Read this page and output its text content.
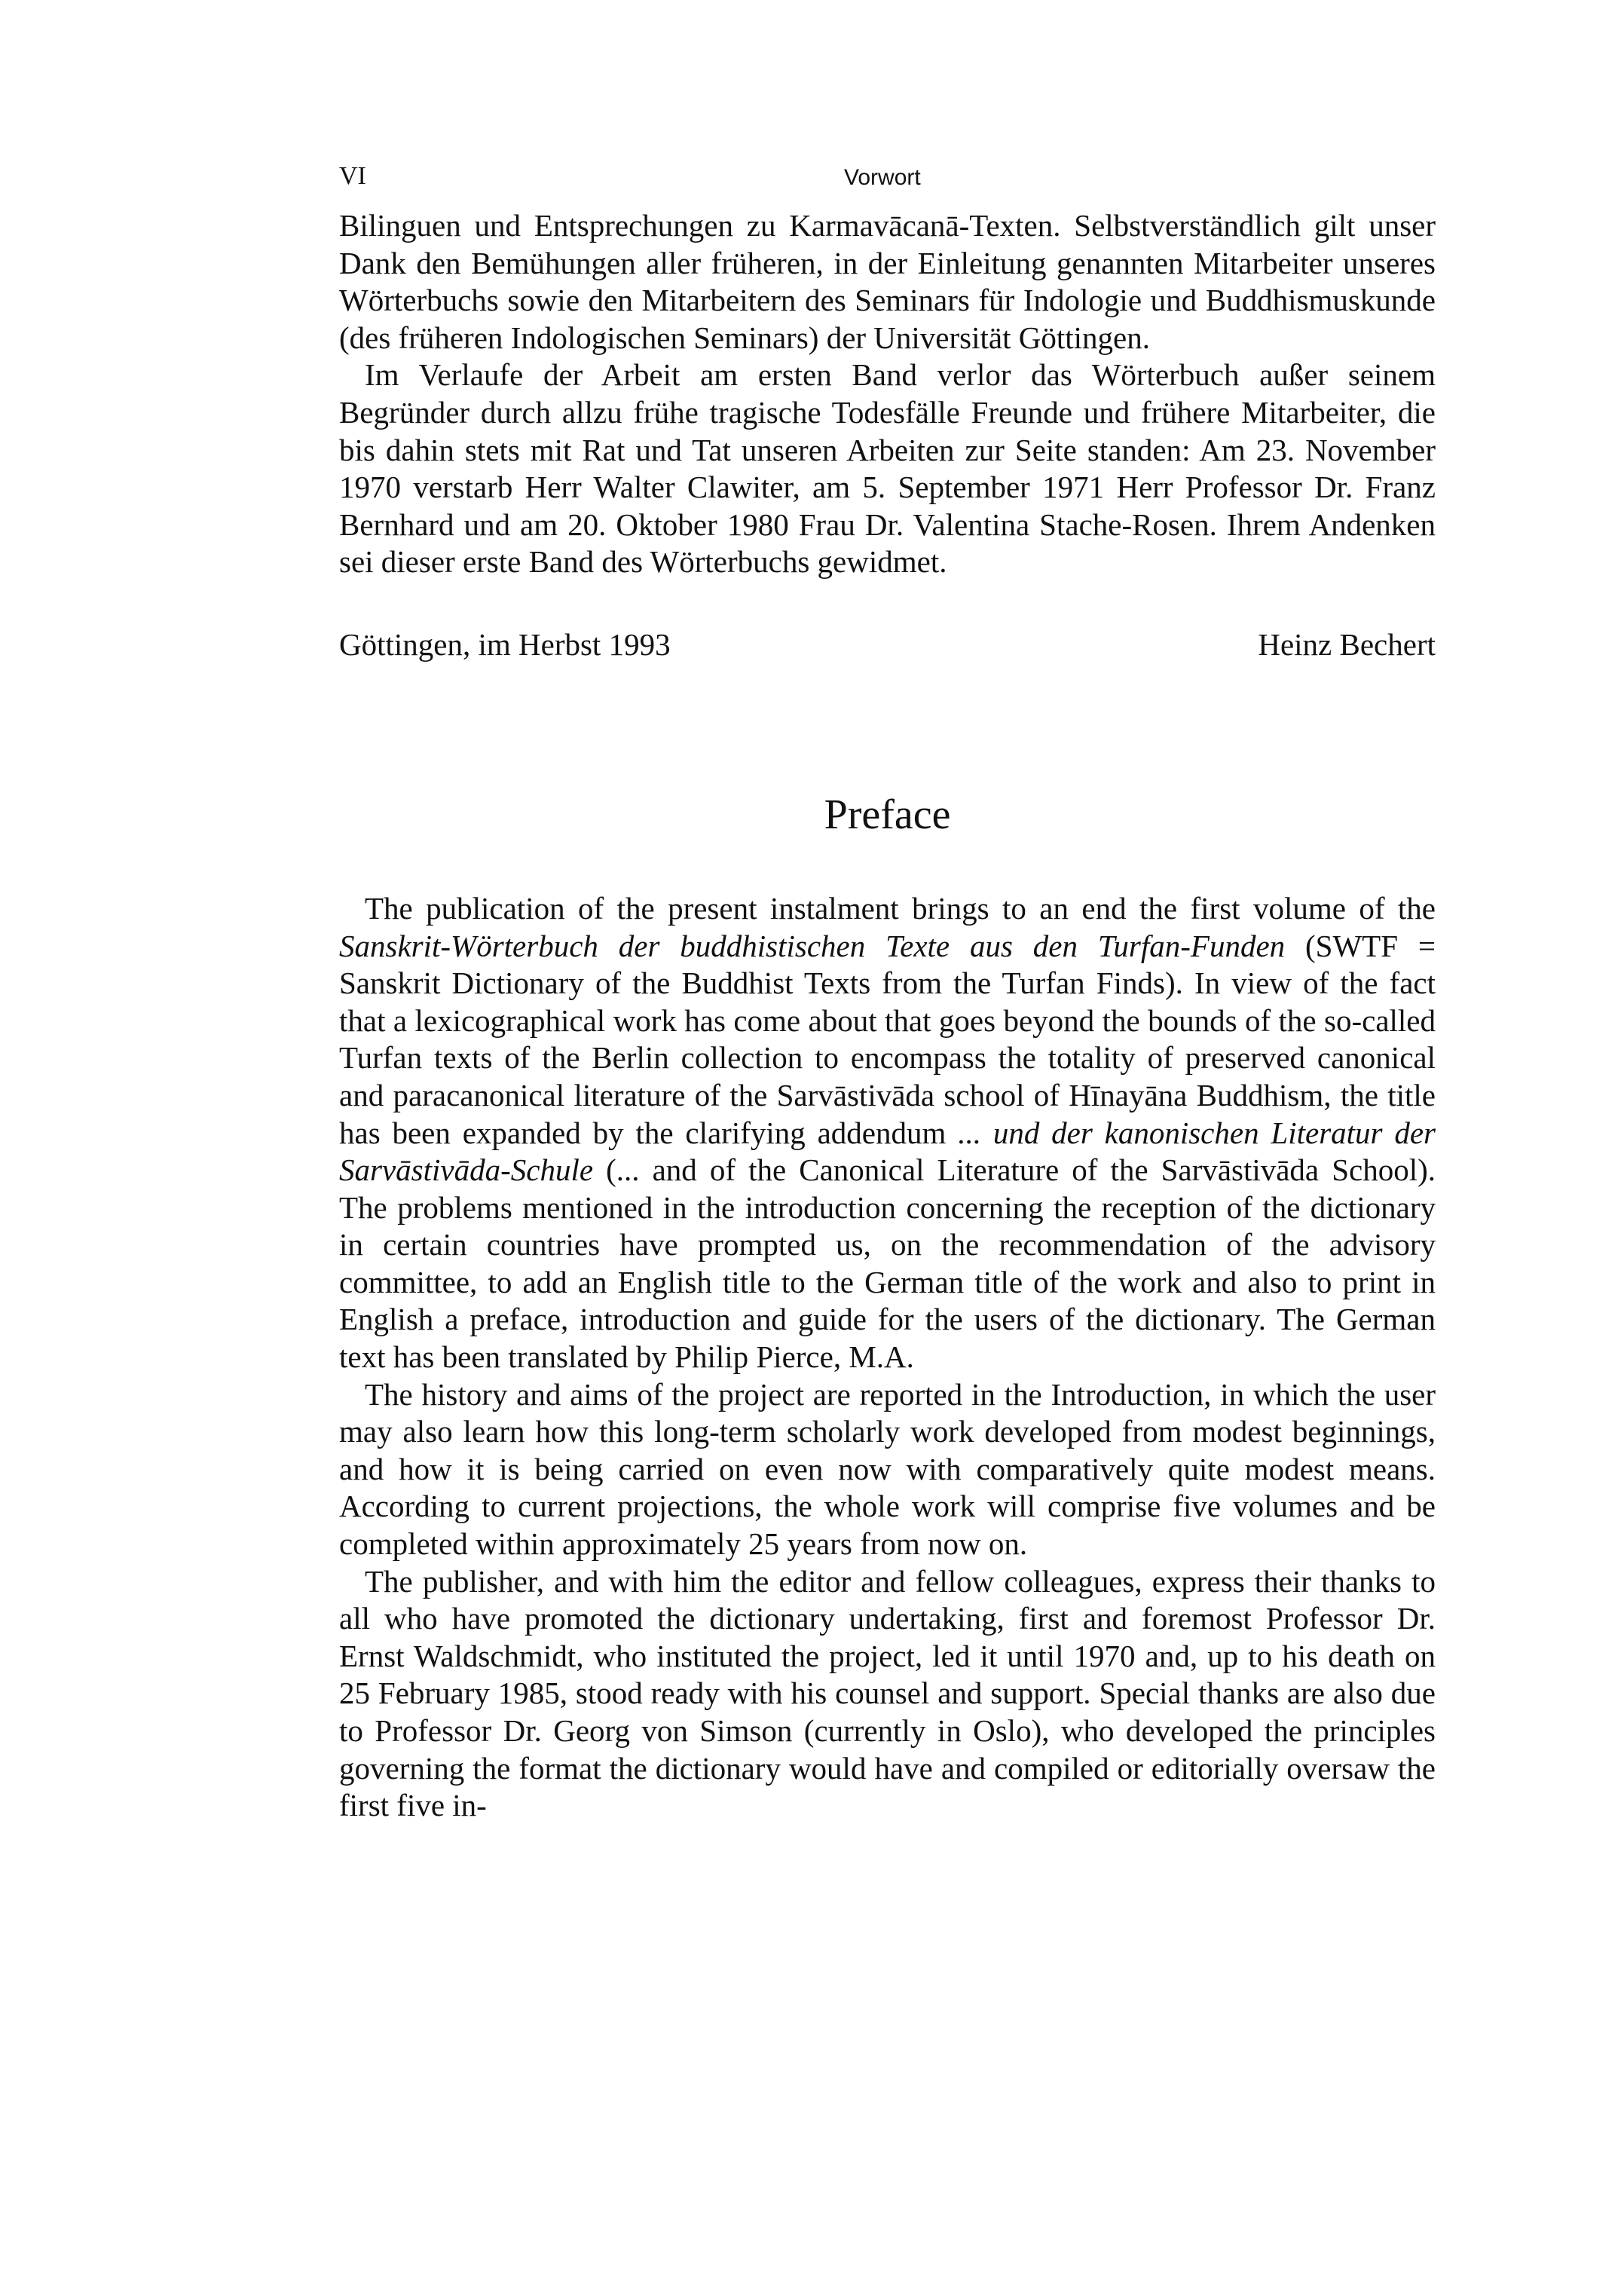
VI	Vorwort

Bilinguen und Entsprechungen zu Karmavācanā-Texten. Selbstverständlich gilt unser Dank den Bemühungen aller früheren, in der Einleitung genannten Mitarbeiter unseres Wörterbuchs sowie den Mitarbeitern des Seminars für Indologie und Buddhismuskunde (des früheren Indologischen Seminars) der Universität Göttingen.

Im Verlaufe der Arbeit am ersten Band verlor das Wörterbuch außer seinem Begründer durch allzu frühe tragische Todesfälle Freunde und frühere Mitarbeiter, die bis dahin stets mit Rat und Tat unseren Arbeiten zur Seite standen: Am 23. November 1970 verstarb Herr Walter Clawiter, am 5. September 1971 Herr Professor Dr. Franz Bernhard und am 20. Oktober 1980 Frau Dr. Valentina Stache-Rosen. Ihrem Andenken sei dieser erste Band des Wörterbuchs gewidmet.

Göttingen, im Herbst 1993	Heinz Bechert
Preface

The publication of the present instalment brings to an end the first volume of the Sanskrit-Wörterbuch der buddhistischen Texte aus den Turfan-Funden (SWTF = Sanskrit Dictionary of the Buddhist Texts from the Turfan Finds). In view of the fact that a lexicographical work has come about that goes beyond the bounds of the so-called Turfan texts of the Berlin collection to encompass the totality of preserved canonical and paracanonical literature of the Sarvāstivāda school of Hīnayāna Buddhism, the title has been expanded by the clarifying addendum ... und der kanonischen Literatur der Sarvāstivāda-Schule (... and of the Canonical Literature of the Sarvāstivāda School). The problems mentioned in the introduction concerning the reception of the dictionary in certain countries have prompted us, on the recommendation of the advisory committee, to add an English title to the German title of the work and also to print in English a preface, introduction and guide for the users of the dictionary. The German text has been translated by Philip Pierce, M.A.

The history and aims of the project are reported in the Introduction, in which the user may also learn how this long-term scholarly work developed from modest beginnings, and how it is being carried on even now with comparatively quite modest means. According to current projections, the whole work will comprise five volumes and be completed within approximately 25 years from now on.

The publisher, and with him the editor and fellow colleagues, express their thanks to all who have promoted the dictionary undertaking, first and foremost Professor Dr. Ernst Waldschmidt, who instituted the project, led it until 1970 and, up to his death on 25 February 1985, stood ready with his counsel and support. Special thanks are also due to Professor Dr. Georg von Simson (currently in Oslo), who developed the principles governing the format the dictionary would have and compiled or editorially oversaw the first five in-
